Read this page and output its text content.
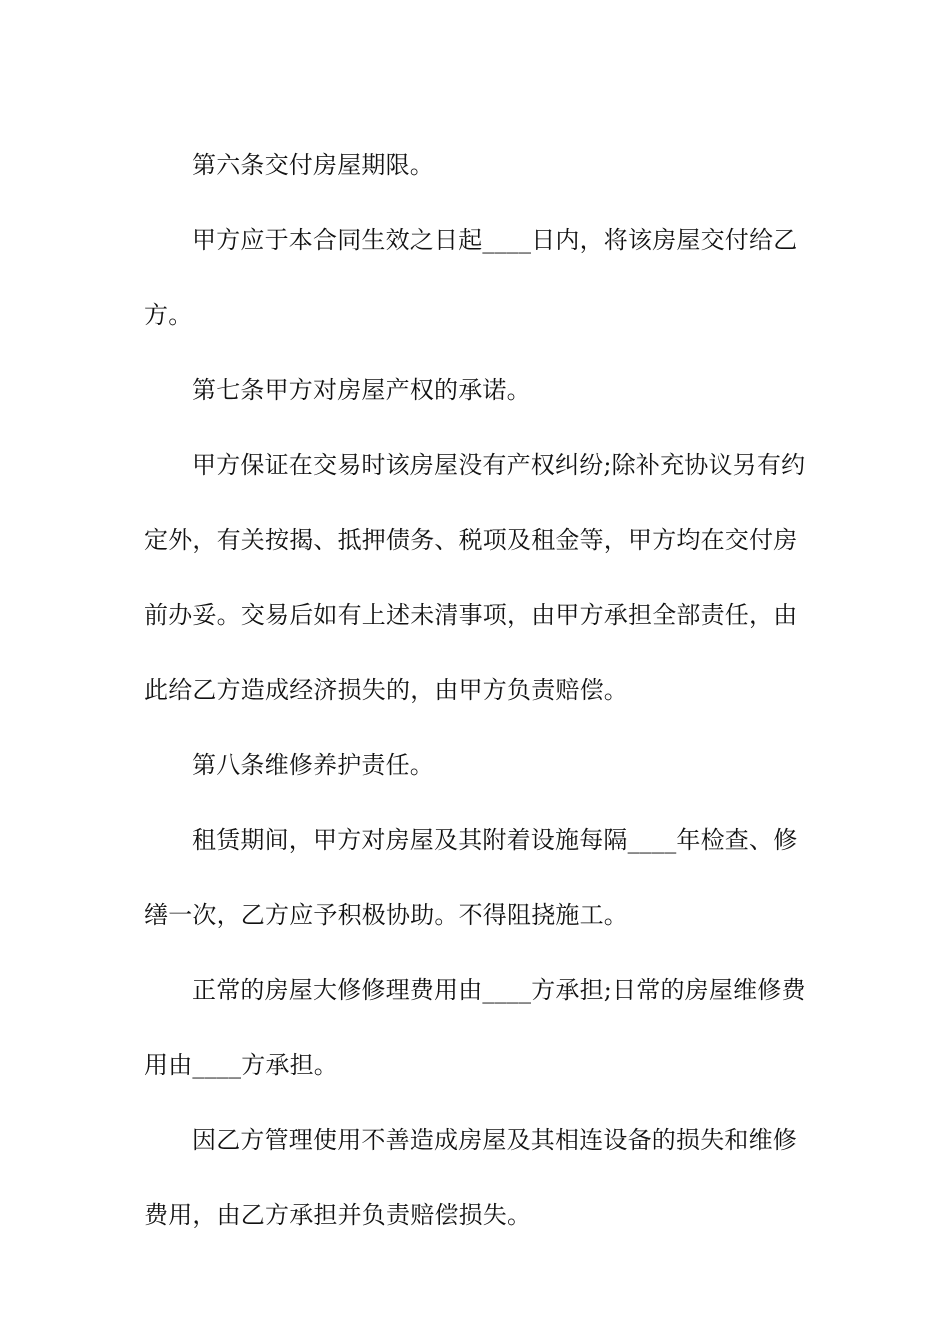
第六条交付房屋期限。

甲方应于本合同生效之日起____日内，将该房屋交付给乙方。

第七条甲方对房屋产权的承诺。

甲方保证在交易时该房屋没有产权纠纷;除补充协议另有约定外，有关按揭、抵押债务、税项及租金等，甲方均在交付房前办妥。交易后如有上述未清事项，由甲方承担全部责任，由此给乙方造成经济损失的，由甲方负责赔偿。

第八条维修养护责任。

租赁期间，甲方对房屋及其附着设施每隔____年检查、修缮一次，乙方应予积极协助。不得阻挠施工。

正常的房屋大修修理费用由____方承担;日常的房屋维修费用由____方承担。

因乙方管理使用不善造成房屋及其相连设备的损失和维修费用，由乙方承担并负责赔偿损失。
